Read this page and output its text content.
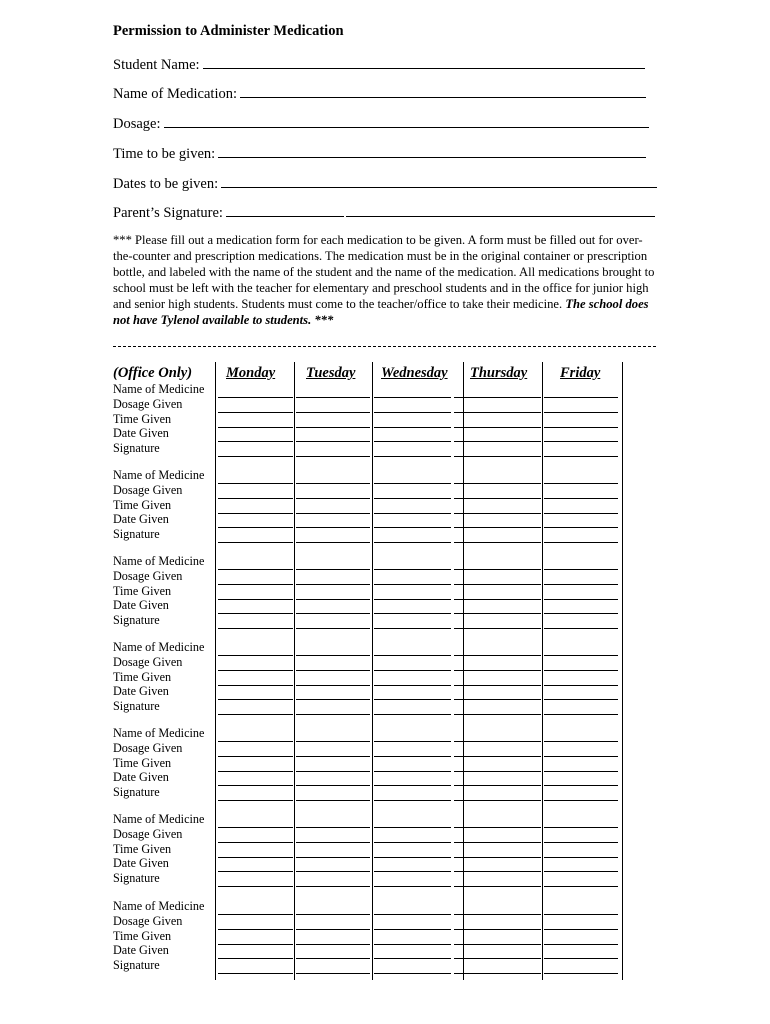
Permission to Administer Medication
Student Name:
Name of Medication:
Dosage:
Time to be given:
Dates to be given:
Parent’s Signature:
*** Please fill out a medication form for each medication to be given. A form must be filled out for over-the-counter and prescription medications. The medication must be in the original container or prescription bottle, and labeled with the name of the student and the name of the medication. All medications brought to school must be left with the teacher for elementary and preschool students and in the office for junior high and senior high students. Students must come to the teacher/office to take their medicine. The school does not have Tylenol available to students. ***
(Office Only) Monday Tuesday Wednesday Thursday Friday
Name of Medicine
Dosage Given
Time Given
Date Given
Signature
Name of Medicine
Dosage Given
Time Given
Date Given
Signature
Name of Medicine
Dosage Given
Time Given
Date Given
Signature
Name of Medicine
Dosage Given
Time Given
Date Given
Signature
Name of Medicine
Dosage Given
Time Given
Date Given
Signature
Name of Medicine
Dosage Given
Time Given
Date Given
Signature
Name of Medicine
Dosage Given
Time Given
Date Given
Signature
